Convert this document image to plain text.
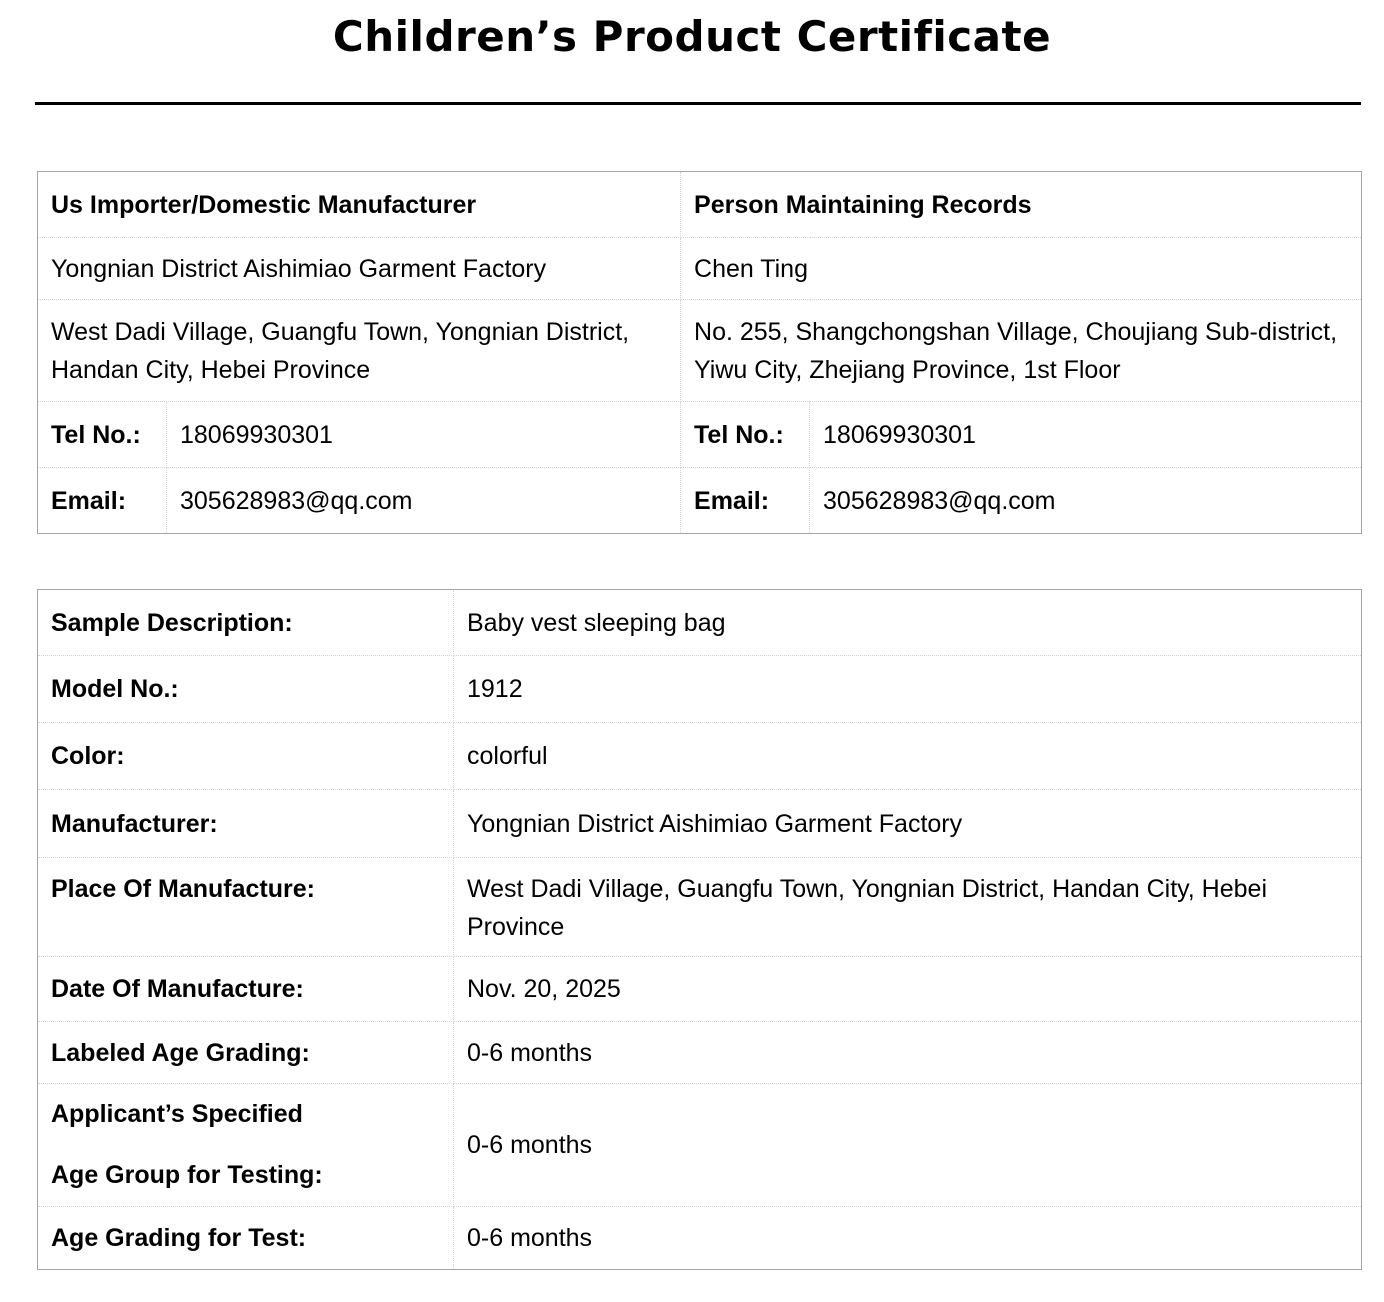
Children’s Product Certificate
Us Importer/Domestic Manufacturer		Person Maintaining Records	
Yongnian District Aishimiao Garment Factory		Chen Ting	
West Dadi Village, Guangfu Town, Yongnian District, Handan City, Hebei Province		No. 255, Shangchongshan Village, Choujiang Sub-district, Yiwu City, Zhejiang Province, 1st Floor	
Tel No.:	18069930301	Tel No.:	18069930301
Email:	305628983@qq.com	Email:	305628983@qq.com
Sample Description:	Baby vest sleeping bag
Model No.:	1912
Color:	colorful
Manufacturer:	Yongnian District Aishimiao Garment Factory
Place Of Manufacture:	West Dadi Village, Guangfu Town, Yongnian District, Handan City, Hebei Province
Date Of Manufacture:	Nov. 20, 2025
Labeled Age Grading:	0-6 months
Applicant’s Specified
Age Group for Testing:	0-6 months
Age Grading for Test:	0-6 months
